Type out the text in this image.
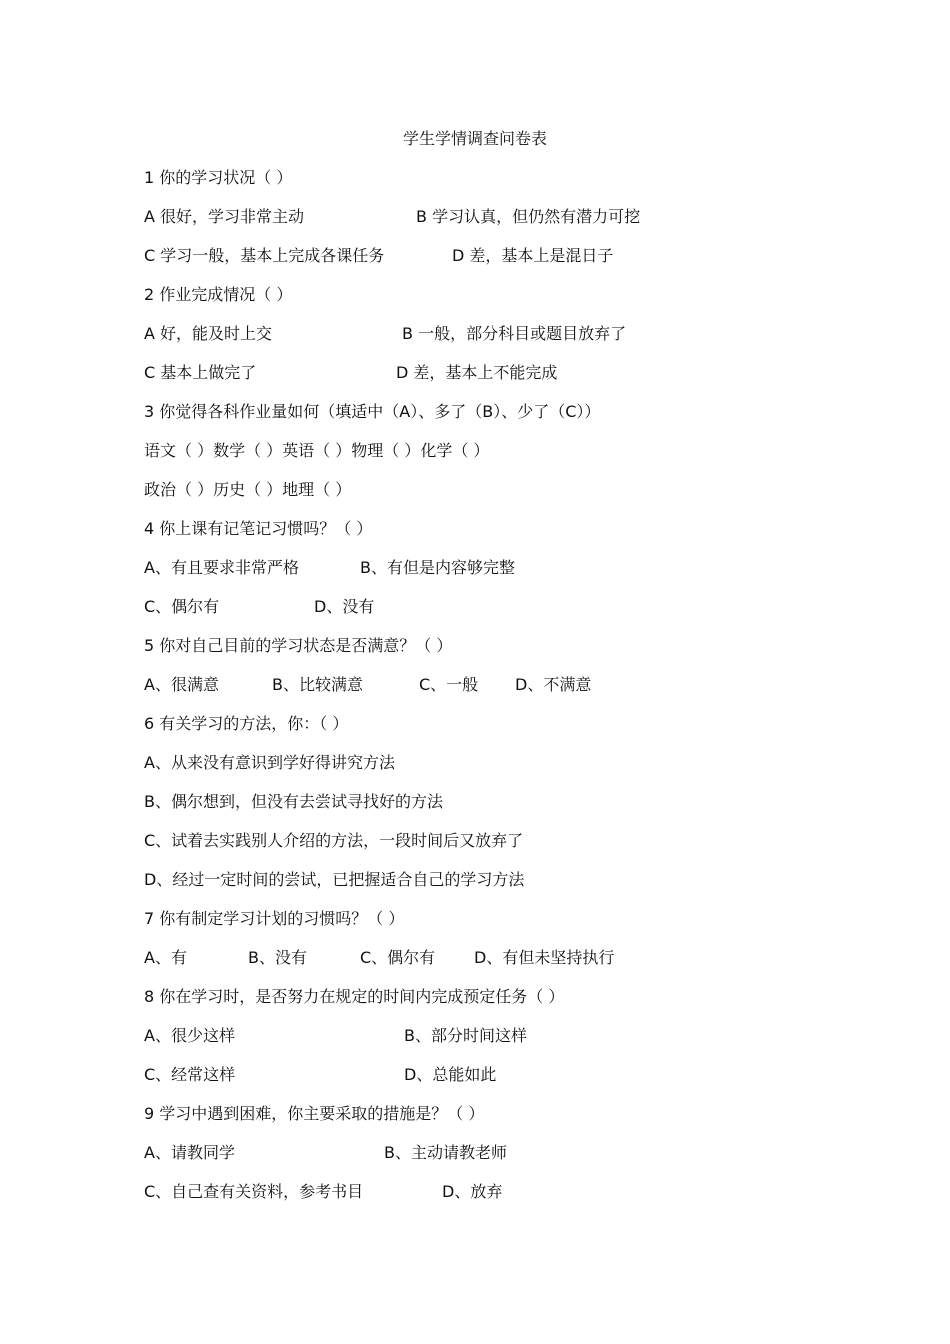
学生学情调查问卷表
1 你的学习状况（ ）
A 很好，学习非常主动	B 学习认真，但仍然有潜力可挖
C 学习一般，基本上完成各课任务	D 差，基本上是混日子
2 作业完成情况（ ）
A 好，能及时上交	B 一般，部分科目或题目放弃了
C 基本上做完了	D 差，基本上不能完成
3 你觉得各科作业量如何（填适中（A）、多了（B）、少了（C））
语文（ ）数学（ ）英语（ ）物理（ ）化学（ ）
政治（ ）历史（ ）地理（ ）
4 你上课有记笔记习惯吗？（ ）
A、有且要求非常严格	B、有但是内容够完整
C、偶尔有	D、没有
5 你对自己目前的学习状态是否满意？（ ）
A、很满意	B、比较满意	C、一般 D、不满意
6 有关学习的方法，你：（ ）
A、从来没有意识到学好得讲究方法
B、偶尔想到，但没有去尝试寻找好的方法
C、试着去实践别人介绍的方法，一段时间后又放弃了
D、经过一定时间的尝试，已把握适合自己的学习方法
7 你有制定学习计划的习惯吗？（ ）
A、有	B、没有	C、偶尔有 D、有但未坚持执行
8 你在学习时，是否努力在规定的时间内完成预定任务（ ）
A、很少这样	B、部分时间这样
C、经常这样	D、总能如此
9 学习中遇到困难，你主要采取的措施是？（ ）
A、请教同学	B、主动请教老师
C、自己查有关资料，参考书目	D、放弃
